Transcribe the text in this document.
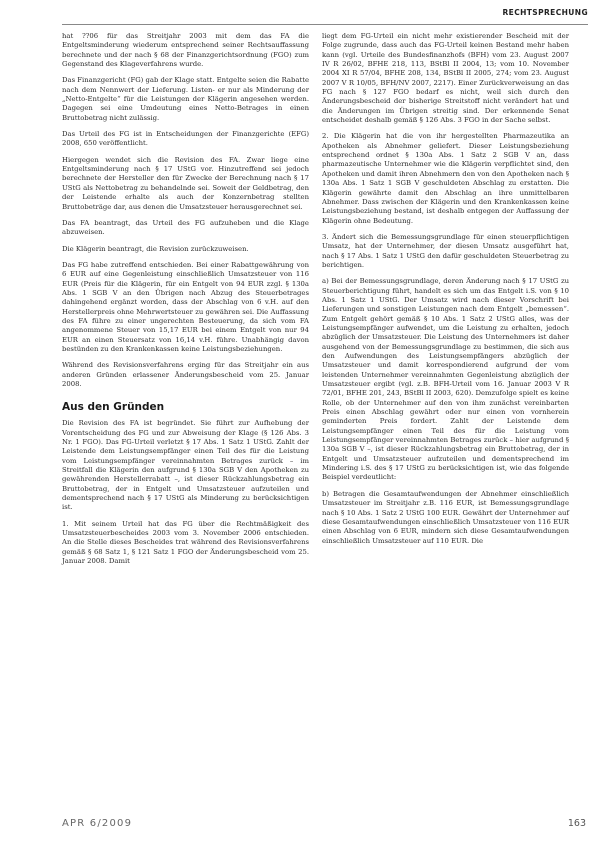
RECHTSPRECHUNG

hat ??06 für das Streitjahr 2003 mit dem das FA die Entgeltsminderung wiederum entsprechend seiner Rechtsauffassung berechnete und der nach § 68 der Finanzgerichtsordnung (FGO) zum Gegenstand des Klageverfahrens wurde.

Das Finanzgericht (FG) gab der Klage statt. Entgelte seien die Rabatte nach dem Nennwert der Lieferung. Listen- er nur als Minderung der „Netto-Entgelte“ für die Leistungen der Klägerin angesehen werden. Dagegen sei eine Umdeutung eines Netto-Betrages in einen Bruttobetrag nicht zulässig.

Das Urteil des FG ist in Entscheidungen der Finanzgerichte (EFG) 2008, 650 veröffentlicht.

Hiergegen wendet sich die Revision des FA. Zwar liege eine Entgeltsminderung nach § 17 UStG vor. Hinzutreffend sei jedoch berechnete der Hersteller den für Zwecke der Berechnung nach § 17 UStG als Nettobetrag zu behandelnde sei. Soweit der Geldbetrag, den der Leistende erhalte als auch der Konzernbetrag stellten Bruttobeträge dar, aus denen die Umsatzsteuer herausgerechnet sei.

Das FA beantragt, das Urteil des FG aufzuheben und die Klage abzuweisen.

Die Klägerin beantragt, die Revision zurückzuweisen.

Das FG habe zutreffend entschieden. Bei einer Rabattgewährung von 6 EUR auf eine Gegenleistung einschließlich Umsatzsteuer von 116 EUR (Preis für die Klägerin, für ein Entgelt von 94 EUR zzgl. § 130a Abs. 1 SGB V an den Übrigen nach Abzug des Steuerbetrages dahingehend ergänzt worden, dass der Abschlag von 6 v.H. auf den Herstellerpreis ohne Mehrwertsteuer zu gewähren sei. Die Auffassung des FA führe zu einer ungerechten Besteuerung, da sich vom FA angenommene Steuer von 15,17 EUR bei einem Entgelt von nur 94 EUR an einen Steuersatz von 16,14 v.H. führe. Unabhängig davon bestünden zu den Krankenkassen keine Leistungsbeziehungen.

Während des Revisionsverfahrens erging für das Streitjahr ein aus anderen Gründen erlassener Änderungsbescheid vom 25. Januar 2008.

Aus den Gründen

Die Revision des FA ist begründet. Sie führt zur Aufhebung der Vorentscheidung des FG und zur Abweisung der Klage (§ 126 Abs. 3 Nr. 1 FGO). Das FG-Urteil verletzt § 17 Abs. 1 Satz 1 UStG. Zahlt der Leistende dem Leistungsempfänger einen Teil des für die Leistung vom Leistungsempfänger vereinnahmten Betrages zurück – im Streitfall die Klägerin den aufgrund § 130a SGB V den Apotheken zu gewährenden Herstellerrabatt –, ist dieser Rückzahlungsbetrag ein Bruttobetrag, der in Entgelt und Umsatzsteuer aufzuteilen und dementsprechend nach § 17 UStG als Minderung zu berücksichtigen ist.

1. Mit seinem Urteil hat das FG über die Rechtmäßigkeit des Umsatzsteuerbescheides 2003 vom 3. November 2006 entschieden. An die Stelle dieses Bescheides trat während des Revisionsverfahrens gemäß § 68 Satz 1, § 121 Satz 1 FGO der Änderungsbescheid vom 25. Januar 2008. Damit

liegt dem FG-Urteil ein nicht mehr existierender Bescheid mit der Folge zugrunde, dass auch das FG-Urteil keinen Bestand mehr haben kann (vgl. Urteile des Bundesfinanzhofs (BFH) vom 23. August 2007 IV R 26/02, BFHE 218, 113, BStBl II 2004, 13; vom 10. November 2004 XI R 57/04, BFHE 208, 134, BStBl II 2005, 274; vom 23. August 2007 V R 10/05, BFH/NV 2007, 2217). Einer Zurückverweisung an das FG nach § 127 FGO bedarf es nicht, weil sich durch den Änderungsbescheid der bisherige Streitstoff nicht verändert hat und die Änderungen im Übrigen streitig sind. Der erkennende Senat entscheidet deshalb gemäß § 126 Abs. 3 FGO in der Sache selbst.

2. Die Klägerin hat die von ihr hergestellten Pharmazeutika an Apotheken als Abnehmer geliefert. Dieser Leistungsbeziehung entsprechend ordnet § 130a Abs. 1 Satz 2 SGB V an, dass pharmazeutische Unternehmer wie die Klägerin verpflichtet sind, den Apotheken und damit ihren Abnehmern den von den Apotheken nach § 130a Abs. 1 Satz 1 SGB V geschuldeten Abschlag zu erstatten. Die Klägerin gewährte damit den Abschlag an ihre unmittelbaren Abnehmer. Dass zwischen der Klägerin und den Krankenkassen keine Leistungsbeziehung bestand, ist deshalb entgegen der Auffassung der Klägerin ohne Bedeutung.

3. Ändert sich die Bemessungsgrundlage für einen steuerpflichtigen Umsatz, hat der Unternehmer, der diesen Umsatz ausgeführt hat, nach § 17 Abs. 1 Satz 1 UStG den dafür geschuldeten Steuerbetrag zu berichtigen.

a) Bei der Bemessungsgrundlage, deren Änderung nach § 17 UStG zu Steuerberichtigung führt, handelt es sich um das Entgelt i.S. von § 10 Abs. 1 Satz 1 UStG. Der Umsatz wird nach dieser Vorschrift bei Lieferungen und sonstigen Leistungen nach dem Entgelt „bemessen“. Zum Entgelt gehört gemäß § 10 Abs. 1 Satz 2 UStG alles, was der Leistungsempfänger aufwendet, um die Leistung zu erhalten, jedoch abzüglich der Umsatzsteuer. Die Leistung des Unternehmers ist daher ausgehend von der Bemessungsgrundlage zu bestimmen, die sich aus den Aufwendungen des Leistungsempfängers abzüglich der Umsatzsteuer und damit korrespondierend aufgrund der vom leistenden Unternehmer vereinnahmten Gegenleistung abzüglich der Umsatzsteuer ergibt (vgl. z.B. BFH-Urteil vom 16. Januar 2003 V R 72/01, BFHE 201, 243, BStBl II 2003, 620). Demzufolge spielt es keine Rolle, ob der Unternehmer auf den von ihm zunächst vereinbarten Preis einen Abschlag gewährt oder nur einen von vornherein geminderten Preis fordert. Zahlt der Leistende dem Leistungsempfänger einen Teil des für die Leistung vom Leistungsempfänger vereinnahmten Betrages zurück – hier aufgrund § 130a SGB V –, ist dieser Rückzahlungsbetrag ein Bruttobetrag, der in Entgelt und Umsatzsteuer aufzuteilen und dementsprechend im Mindering i.S. des § 17 UStG zu berücksichtigen ist, wie das folgende Beispiel verdeutlicht:

b) Betragen die Gesamtaufwendungen der Abnehmer einschließlich Umsatzsteuer im Streitjahr z.B. 116 EUR, ist Bemessungsgrundlage nach § 10 Abs. 1 Satz 2 UStG 100 EUR. Gewährt der Unternehmer auf diese Gesamtaufwendungen einschließlich Umsatzsteuer von 116 EUR einen Abschlag von 6 EUR, mindern sich diese Gesamtaufwendungen einschließlich Umsatzsteuer auf 110 EUR. Die

APR 6/2009	163
